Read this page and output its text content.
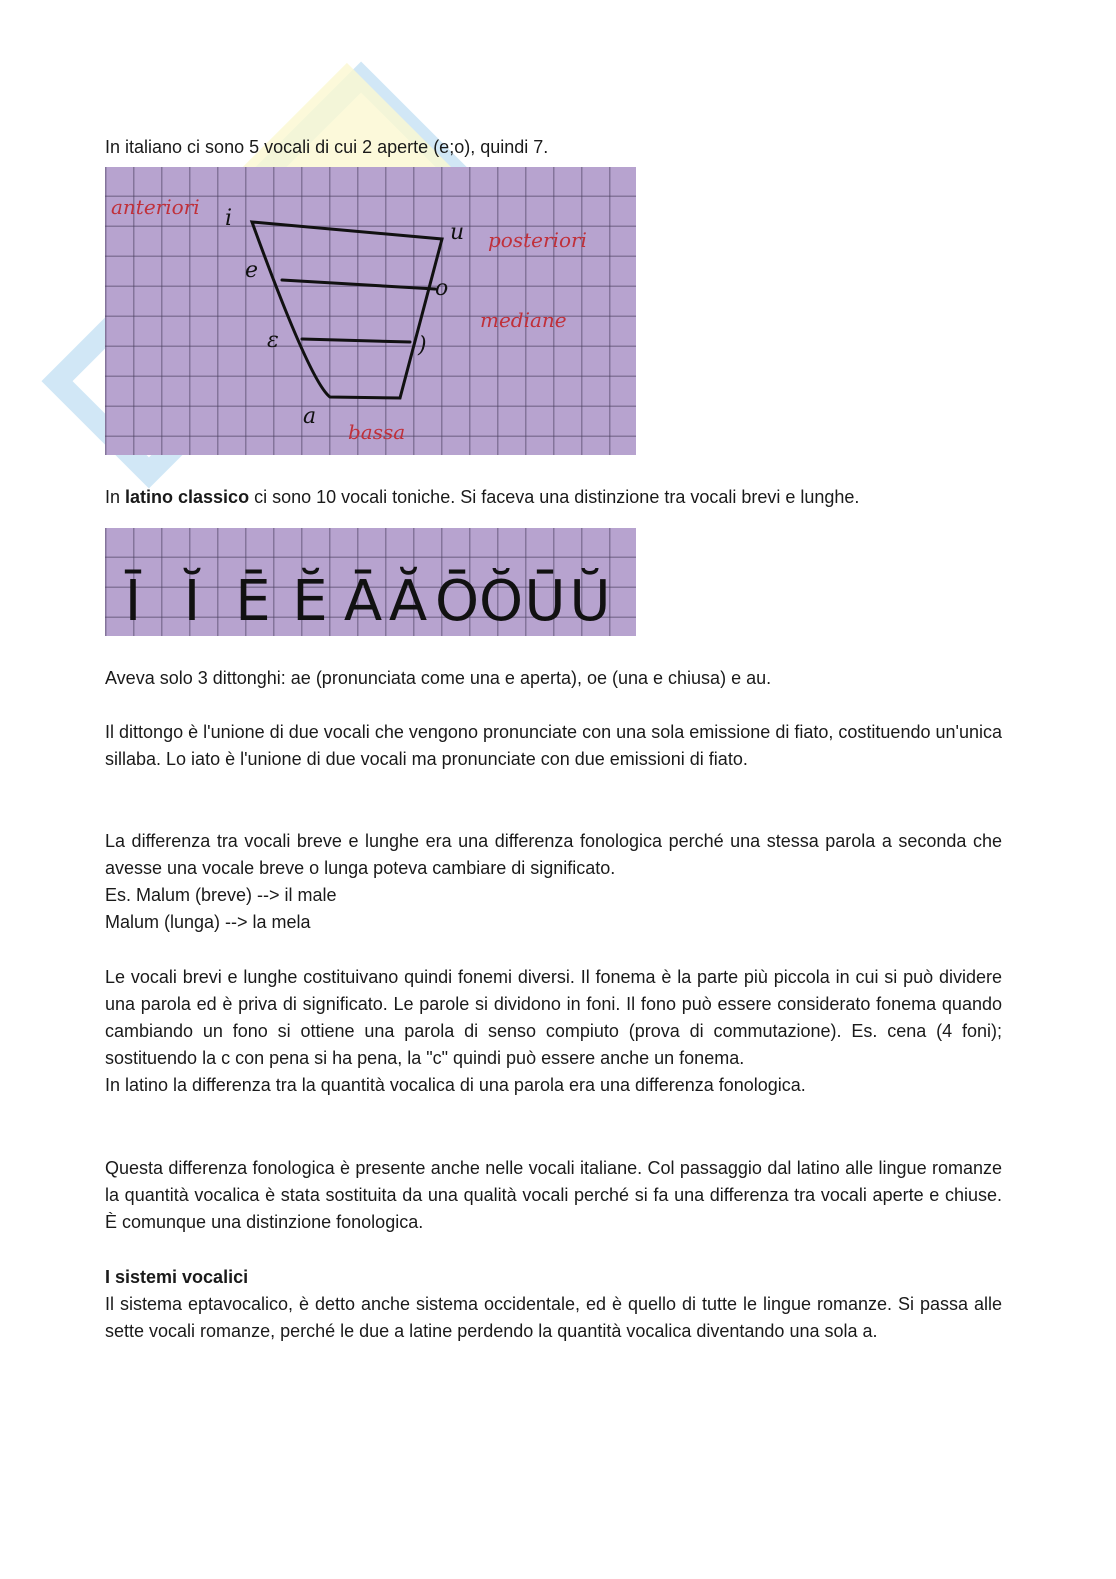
In italiano ci sono 5 vocali di cui 2 aperte (e;o), quindi 7.
anteriori
posteriori
mediane
bassa
i
u
e
o
ɛ	)
a
In latino classico ci sono 10 vocali toniche. Si faceva una distinzione tra vocali brevi e lunghe.
Ī Ĭ Ē Ĕ Ā Ă Ō Ŏ Ū Ŭ
Aveva solo 3 dittonghi: ae (pronunciata come una e aperta), oe (una e chiusa) e au.
Il dittongo è l'unione di due vocali che vengono pronunciate con una sola emissione di fiato, costituendo un'unica sillaba. Lo iato è l'unione di due vocali ma pronunciate con due emissioni di fiato.
La differenza tra vocali breve e lunghe era una differenza fonologica perché una stessa parola a seconda che avesse una vocale breve o lunga poteva cambiare di significato.
Es. Malum (breve) --> il male
Malum (lunga) --> la mela
Le vocali brevi e lunghe costituivano quindi fonemi diversi. Il fonema è la parte più piccola in cui si può dividere una parola ed è priva di significato. Le parole si dividono in foni. Il fono può essere considerato fonema quando cambiando un fono si ottiene una parola di senso compiuto (prova di commutazione). Es. cena (4 foni); sostituendo la c con pena si ha pena, la "c" quindi può essere anche un fonema.
In latino la differenza tra la quantità vocalica di una parola era una differenza fonologica.
Questa differenza fonologica è presente anche nelle vocali italiane. Col passaggio dal latino alle lingue romanze la quantità vocalica è stata sostituita da una qualità vocali perché si fa una differenza tra vocali aperte e chiuse. È comunque una distinzione fonologica.
I sistemi vocalici
Il sistema eptavocalico, è detto anche sistema occidentale, ed è quello di tutte le lingue romanze. Si passa alle sette vocali romanze, perché le due a latine perdendo la quantità vocalica diventando una sola a.
